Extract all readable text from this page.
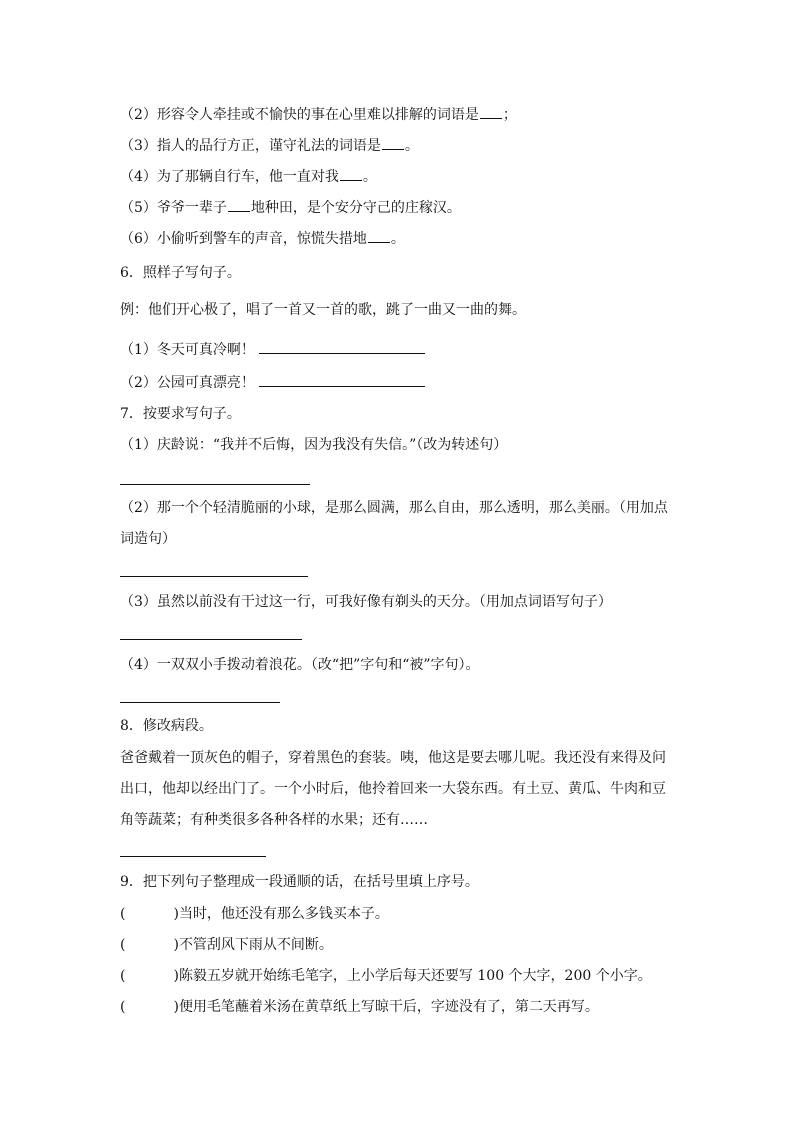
（2）形容令人牵挂或不愉快的事在心里难以排解的词语是 ；
（3）指人的品行方正，谨守礼法的词语是 。
（4）为了那辆自行车，他一直对我 。
（5）爷爷一辈子 地种田，是个安分守己的庄稼汉。
（6）小偷听到警车的声音，惊慌失措地 。
6．照样子写句子。
例：他们开心极了，唱了一首又一首的歌，跳了一曲又一曲的舞。
（1）冬天可真冷啊！
（2）公园可真漂亮！
7．按要求写句子。
（1）庆龄说：“我并不后悔，因为我没有失信。”（改为转述句）
（2）那一个个轻清脆丽的小球，是那么圆满，那么自由，那么透明，那么美丽。（用加点
词造句）
（3）虽然以前没有干过这一行，可我好像有剃头的天分。（用加点词语写句子）
（4）一双双小手拨动着浪花。（改“把”字句和“被”字句）。
8．修改病段。
爸爸戴着一顶灰色的帽子，穿着黑色的套装。咦，他这是要去哪儿呢。我还没有来得及问出口，他却以经出门了。一个小时后，他拎着回来一大袋东西。有土豆、黄瓜、牛肉和豆角等蔬菜；有种类很多各种各样的水果；还有……
9．把下列句子整理成一段通顺的话，在括号里填上序号。
(	)当时，他还没有那么多钱买本子。
(	)不管刮风下雨从不间断。
(	)陈毅五岁就开始练毛笔字，上小学后每天还要写 100 个大字，200 个小字。
(	)便用毛笔蘸着米汤在黄草纸上写晾干后，字迹没有了，第二天再写。
